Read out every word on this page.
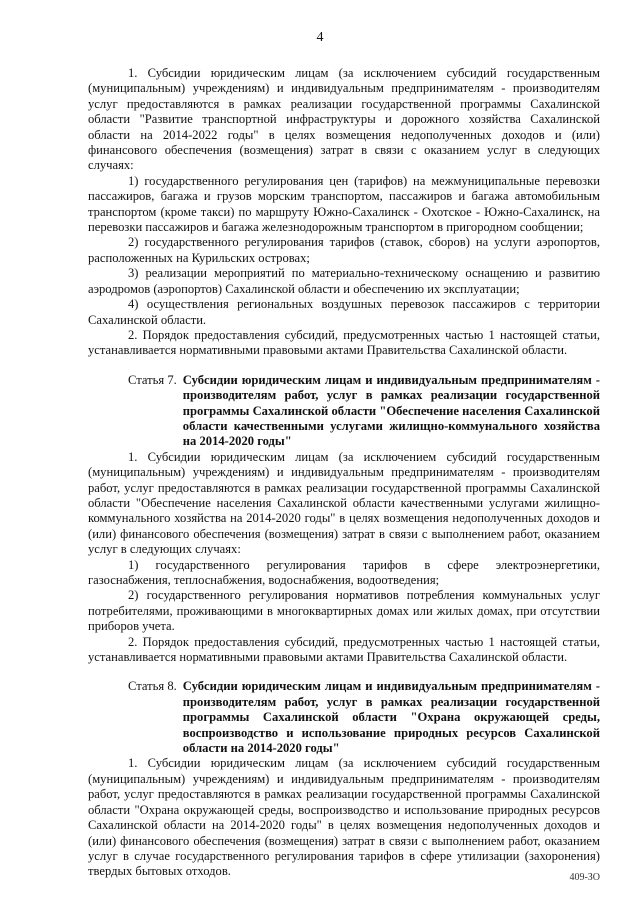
4

1. Субсидии юридическим лицам (за исключением субсидий государственным (муниципальным) учреждениям) и индивидуальным предпринимателям - производителям услуг предоставляются в рамках реализации государственной программы Сахалинской области "Развитие транспортной инфраструктуры и дорожного хозяйства Сахалинской области на 2014-2022 годы" в целях возмещения недополученных доходов и (или) финансового обеспечения (возмещения) затрат в связи с оказанием услуг в следующих случаях:

1) государственного регулирования цен (тарифов) на межмуниципальные перевозки пассажиров, багажа и грузов морским транспортом, пассажиров и багажа автомобильным транспортом (кроме такси) по маршруту Южно-Сахалинск - Охотское - Южно-Сахалинск, на перевозки пассажиров и багажа железнодорожным транспортом в пригородном сообщении;

2) государственного регулирования тарифов (ставок, сборов) на услуги аэропортов, расположенных на Курильских островах;

3) реализации мероприятий по материально-техническому оснащению и развитию аэродромов (аэропортов) Сахалинской области и обеспечению их эксплуатации;

4) осуществления региональных воздушных перевозок пассажиров с территории Сахалинской области.

2. Порядок предоставления субсидий, предусмотренных частью 1 настоящей статьи, устанавливается нормативными правовыми актами Правительства Сахалинской области.

Статья 7. Субсидии юридическим лицам и индивидуальным предпринимателям - производителям работ, услуг в рамках реализации государственной программы Сахалинской области "Обеспечение населения Сахалинской области качественными услугами жилищно-коммунального хозяйства на 2014-2020 годы"

1. Субсидии юридическим лицам (за исключением субсидий государственным (муниципальным) учреждениям) и индивидуальным предпринимателям - производителям работ, услуг предоставляются в рамках реализации государственной программы Сахалинской области "Обеспечение населения Сахалинской области качественными услугами жилищно-коммунального хозяйства на 2014-2020 годы" в целях возмещения недополученных доходов и (или) финансового обеспечения (возмещения) затрат в связи с выполнением работ, оказанием услуг в следующих случаях:

1) государственного регулирования тарифов в сфере электроэнергетики, газоснабжения, теплоснабжения, водоснабжения, водоотведения;

2) государственного регулирования нормативов потребления коммунальных услуг потребителями, проживающими в многоквартирных домах или жилых домах, при отсутствии приборов учета.

2. Порядок предоставления субсидий, предусмотренных частью 1 настоящей статьи, устанавливается нормативными правовыми актами Правительства Сахалинской области.

Статья 8. Субсидии юридическим лицам и индивидуальным предпринимателям - производителям работ, услуг в рамках реализации государственной программы Сахалинской области "Охрана окружающей среды, воспроизводство и использование природных ресурсов Сахалинской области на 2014-2020 годы"

1. Субсидии юридическим лицам (за исключением субсидий государственным (муниципальным) учреждениям) и индивидуальным предпринимателям - производителям работ, услуг предоставляются в рамках реализации государственной программы Сахалинской области "Охрана окружающей среды, воспроизводство и использование природных ресурсов Сахалинской области на 2014-2020 годы" в целях возмещения недополученных доходов и (или) финансового обеспечения (возмещения) затрат в связи с выполнением работ, оказанием услуг в случае государственного регулирования тарифов в сфере утилизации (захоронения) твердых бытовых отходов.	409-ЗО
